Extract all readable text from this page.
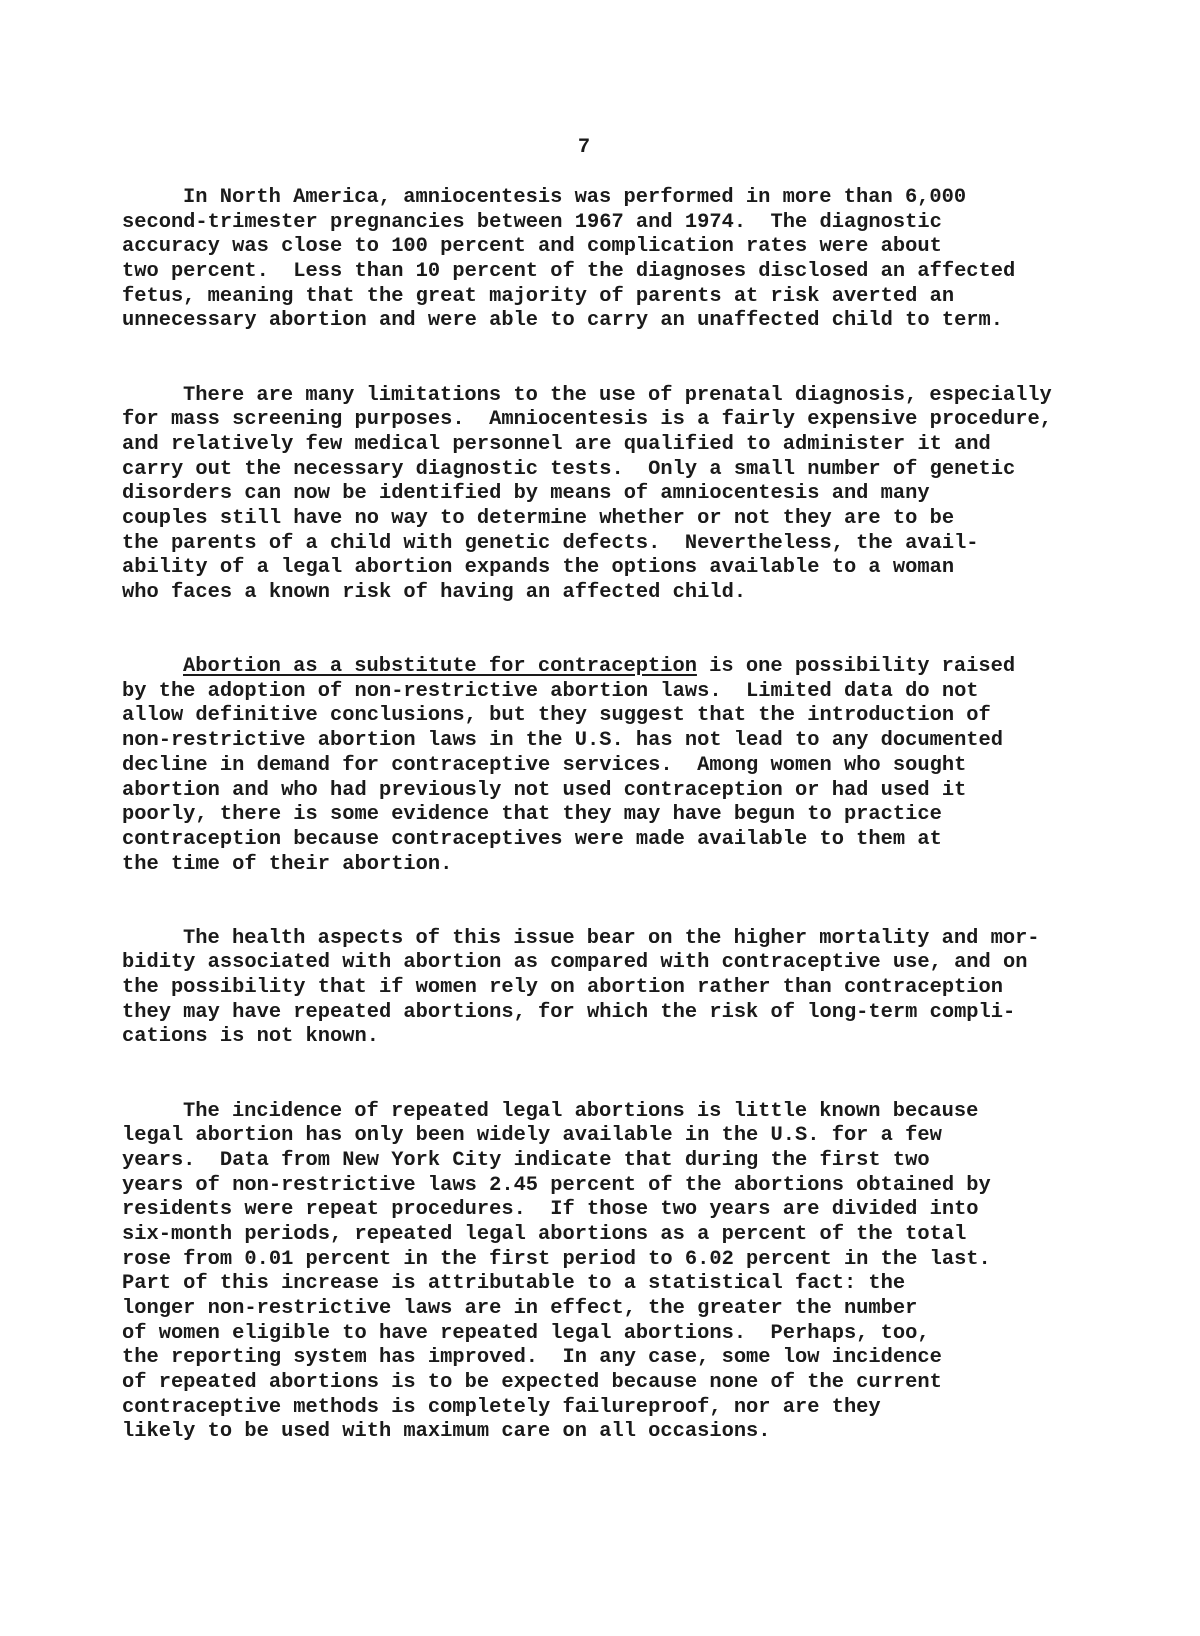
7
In North America, amniocentesis was performed in more than 6,000
second-trimester pregnancies between 1967 and 1974.  The diagnostic
accuracy was close to 100 percent and complication rates were about
two percent.  Less than 10 percent of the diagnoses disclosed an affected
fetus, meaning that the great majority of parents at risk averted an
unnecessary abortion and were able to carry an unaffected child to term.
There are many limitations to the use of prenatal diagnosis, especially
for mass screening purposes.  Amniocentesis is a fairly expensive procedure,
and relatively few medical personnel are qualified to administer it and
carry out the necessary diagnostic tests.  Only a small number of genetic
disorders can now be identified by means of amniocentesis and many
couples still have no way to determine whether or not they are to be
the parents of a child with genetic defects.  Nevertheless, the avail-
ability of a legal abortion expands the options available to a woman
who faces a known risk of having an affected child.
Abortion as a substitute for contraception is one possibility raised
by the adoption of non-restrictive abortion laws.  Limited data do not
allow definitive conclusions, but they suggest that the introduction of
non-restrictive abortion laws in the U.S. has not lead to any documented
decline in demand for contraceptive services.  Among women who sought
abortion and who had previously not used contraception or had used it
poorly, there is some evidence that they may have begun to practice
contraception because contraceptives were made available to them at
the time of their abortion.
The health aspects of this issue bear on the higher mortality and mor-
bidity associated with abortion as compared with contraceptive use, and on
the possibility that if women rely on abortion rather than contraception
they may have repeated abortions, for which the risk of long-term compli-
cations is not known.
The incidence of repeated legal abortions is little known because
legal abortion has only been widely available in the U.S. for a few
years.  Data from New York City indicate that during the first two
years of non-restrictive laws 2.45 percent of the abortions obtained by
residents were repeat procedures.  If those two years are divided into
six-month periods, repeated legal abortions as a percent of the total
rose from 0.01 percent in the first period to 6.02 percent in the last.
Part of this increase is attributable to a statistical fact: the
longer non-restrictive laws are in effect, the greater the number
of women eligible to have repeated legal abortions.  Perhaps, too,
the reporting system has improved.  In any case, some low incidence
of repeated abortions is to be expected because none of the current
contraceptive methods is completely failureproof, nor are they
likely to be used with maximum care on all occasions.
